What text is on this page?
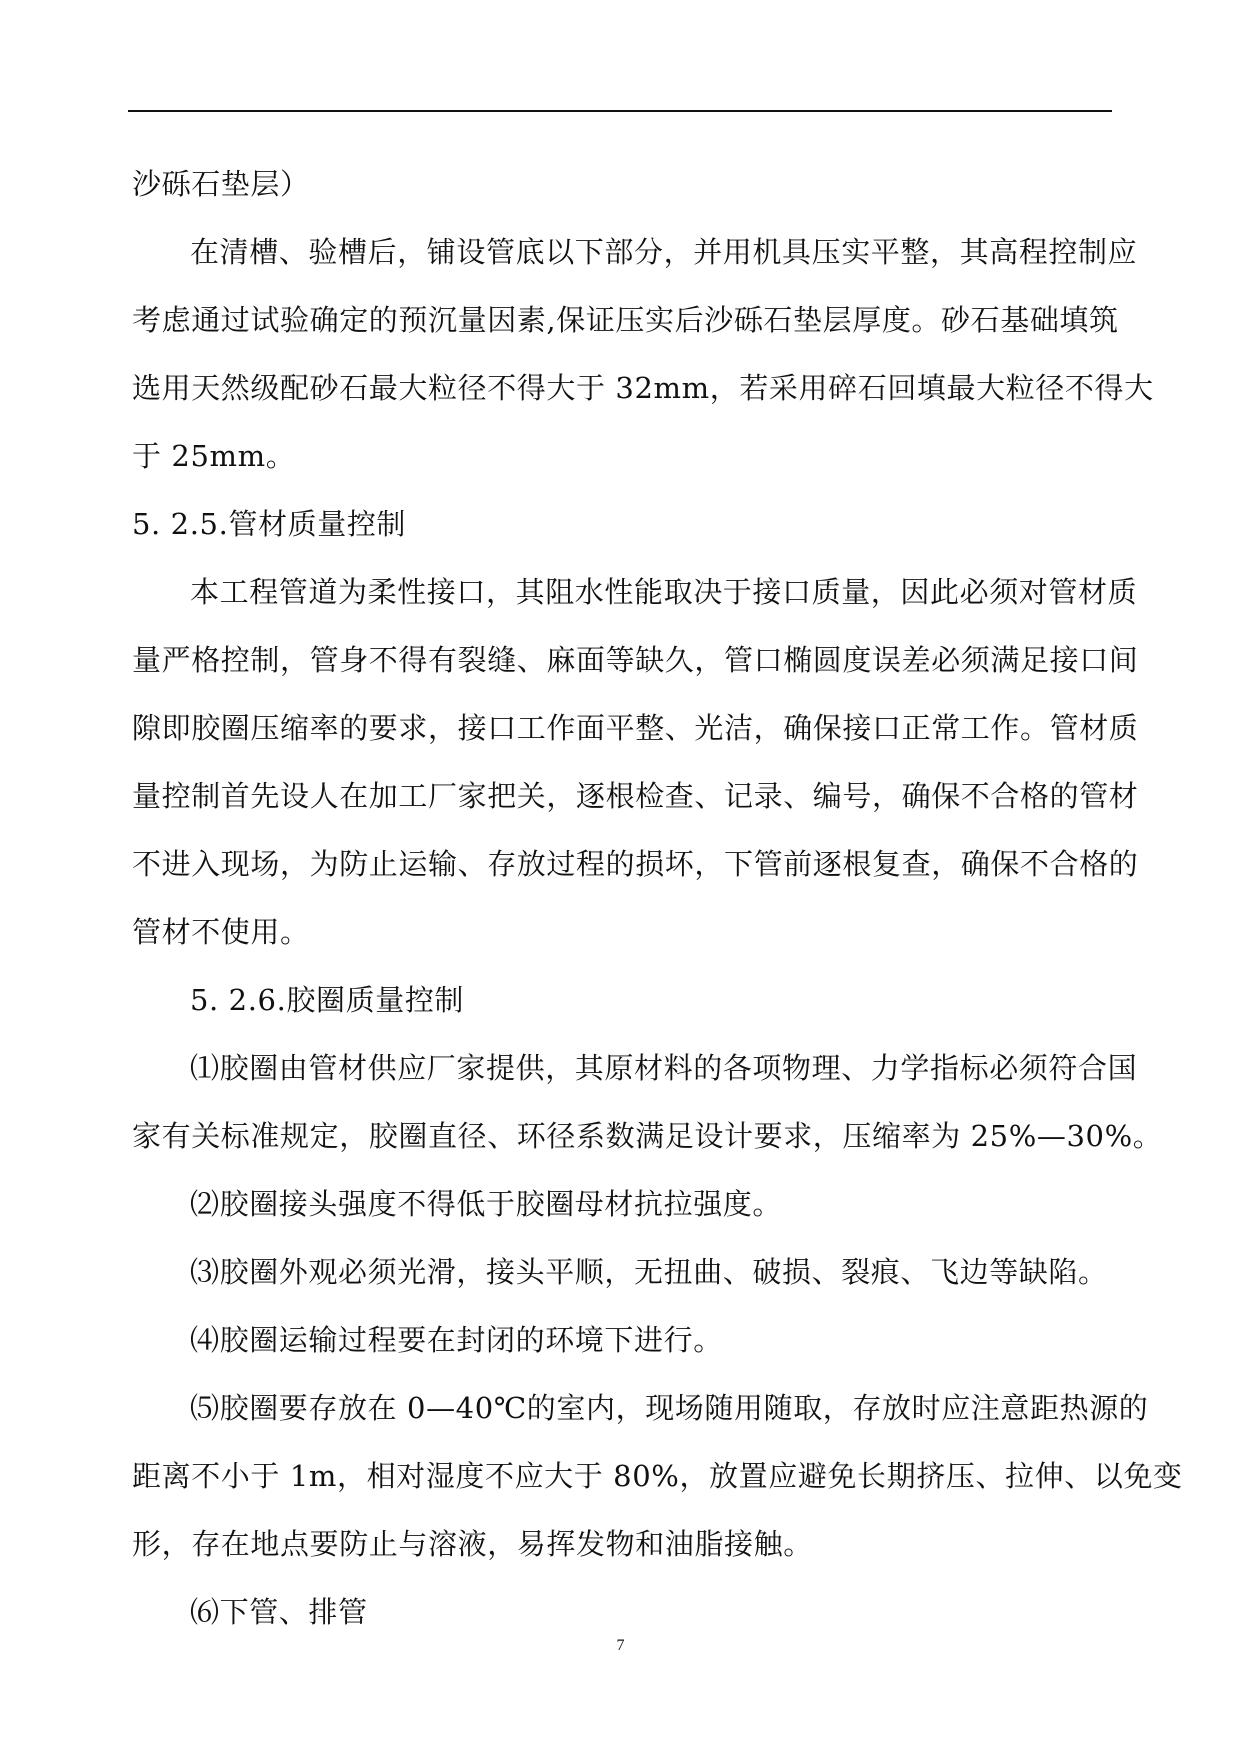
沙砾石垫层）
在清槽、验槽后，铺设管底以下部分，并用机具压实平整，其高程控制应
考虑通过试验确定的预沉量因素,保证压实后沙砾石垫层厚度。砂石基础填筑
选用天然级配砂石最大粒径不得大于 32mm，若采用碎石回填最大粒径不得大
于 25mm。
5. 2.5.管材质量控制
本工程管道为柔性接口，其阻水性能取决于接口质量，因此必须对管材质
量严格控制，管身不得有裂缝、麻面等缺久，管口椭圆度误差必须满足接口间
隙即胶圈压缩率的要求，接口工作面平整、光洁，确保接口正常工作。管材质
量控制首先设人在加工厂家把关，逐根检查、记录、编号，确保不合格的管材
不进入现场，为防止运输、存放过程的损坏，下管前逐根复查，确保不合格的
管材不使用。
5. 2.6.胶圈质量控制
⑴胶圈由管材供应厂家提供，其原材料的各项物理、力学指标必须符合国
家有关标准规定，胶圈直径、环径系数满足设计要求，压缩率为 25%—30%。
⑵胶圈接头强度不得低于胶圈母材抗拉强度。
⑶胶圈外观必须光滑，接头平顺，无扭曲、破损、裂痕、飞边等缺陷。
⑷胶圈运输过程要在封闭的环境下进行。
⑸胶圈要存放在 0—40℃的室内，现场随用随取，存放时应注意距热源的
距离不小于 1m，相对湿度不应大于 80%，放置应避免长期挤压、拉伸、以免变
形，存在地点要防止与溶液，易挥发物和油脂接触。
⑹下管、排管
7
